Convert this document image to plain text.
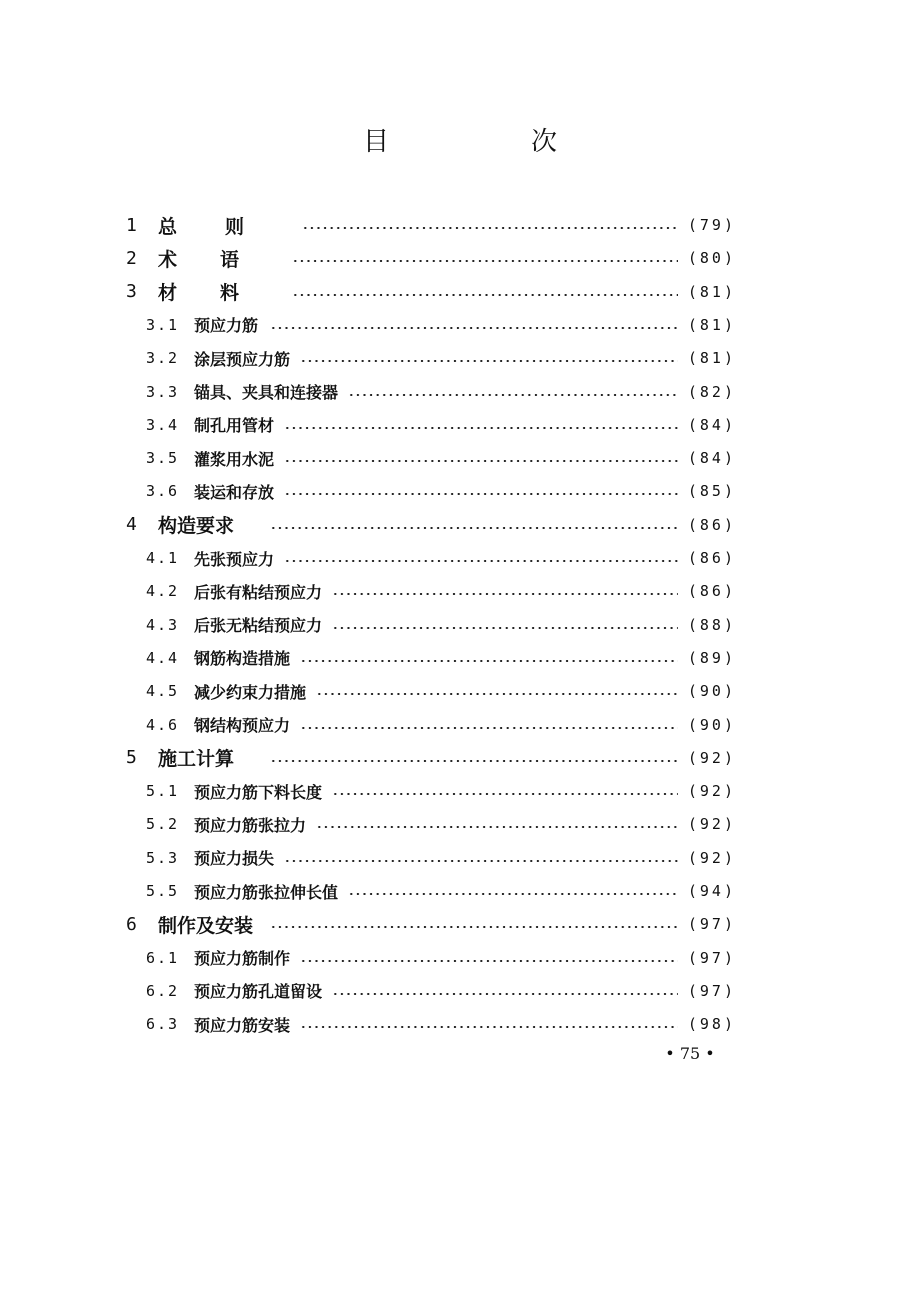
目　次
1 总则	(79)
2 术语	(80)
3 材料	(81)
3.1 预应力筋	(81)
3.2 涂层预应力筋	(81)
3.3 锚具、夹具和连接器	(82)
3.4 制孔用管材	(84)
3.5 灌浆用水泥	(84)
3.6 装运和存放	(85)
4 构造要求	(86)
4.1 先张预应力	(86)
4.2 后张有粘结预应力	(86)
4.3 后张无粘结预应力	(88)
4.4 钢筋构造措施	(89)
4.5 减少约束力措施	(90)
4.6 钢结构预应力	(90)
5 施工计算	(92)
5.1 预应力筋下料长度	(92)
5.2 预应力筋张拉力	(92)
5.3 预应力损失	(92)
5.5 预应力筋张拉伸长值	(94)
6 制作及安装	(97)
6.1 预应力筋制作	(97)
6.2 预应力筋孔道留设	(97)
6.3 预应力筋安装	(98)
• 75 •
